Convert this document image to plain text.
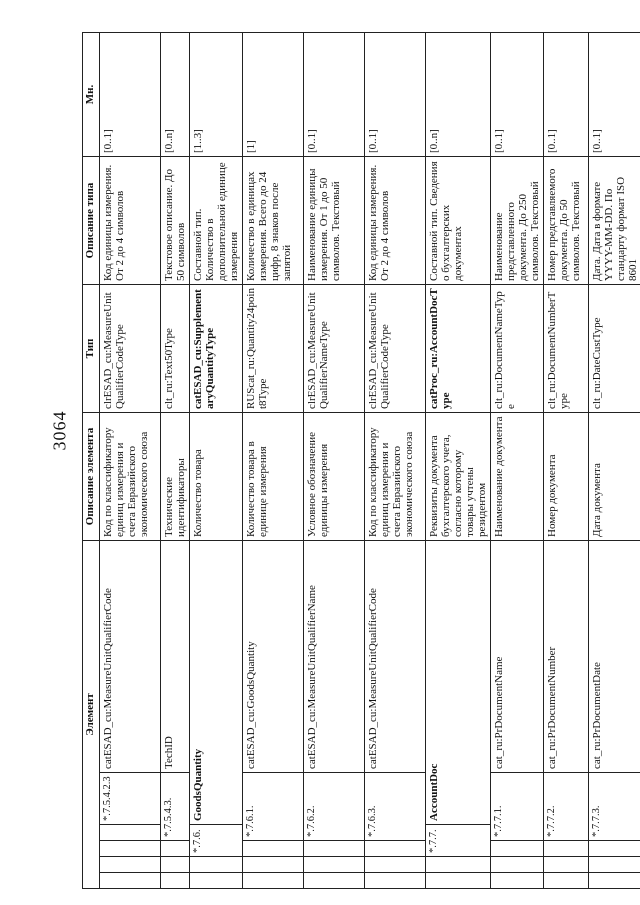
3064
Элемент						Описание элемента	Тип	Описание типа	Мн.
				*.7.5.4.2.3	catESAD_cu:MeasureUnitQualifierCode	Код по классификатору единиц измерения и счета Евразийского экономического союза	clrESAD_cu:MeasureUnitQualifierCodeType	Код единицы измерения. От 2 до 4 символов	[0..1]
			*.7.5.4.3.		TechID	Технические идентификаторы	clt_ru:Text50Type	Текстовое описание. До 50 символов	[0..n]
		*.7.6.		GoodsQuantity		Количество товара	catESAD_cu:SupplementaryQuantityType	Составной тип. Количество в дополнительной единице измерения	[1..3]
			*.7.6.1.		catESAD_cu:GoodsQuantity	Количество товара в единице измерения	RUScat_ru:Quantity24point8Type	Количество в единицах измерения. Всего до 24 цифр, 8 знаков после запятой	[1]
			*.7.6.2.		catESAD_cu:MeasureUnitQualifierName	Условное обозначение единицы измерения	clrESAD_cu:MeasureUnitQualifierNameType	Наименование единицы измерения. От 1 до 50 символов. Текстовый	[0..1]
			*.7.6.3.		catESAD_cu:MeasureUnitQualifierCode	Код по классификатору единиц измерения и счета Евразийского экономического союза	clrESAD_cu:MeasureUnitQualifierCodeType	Код единицы измерения. От 2 до 4 символов	[0..1]
		*.7.7.		AccountDoc		Реквизиты документа бухгалтерского учета, согласно которому товары учтены резидентом	catProc_ru:AccountDocType	Составной тип. Сведения о бухгалтерских документах	[0..n]
			*.7.7.1.		cat_ru:PrDocumentName	Наименование документа	clt_ru:DocumentNameType	Наименование представленного документа. До 250 символов. Текстовый	[0..1]
			*.7.7.2.		cat_ru:PrDocumentNumber	Номер документа	clt_ru:DocumentNumberType	Номер представляемого документа. До 50 символов. Текстовый	[0..1]
			*.7.7.3.		cat_ru:PrDocumentDate	Дата документа	clt_ru:DateCustType	Дата. Дата в формате YYYY-MM-DD. По стандарту формат ISO 8601	[0..1]
